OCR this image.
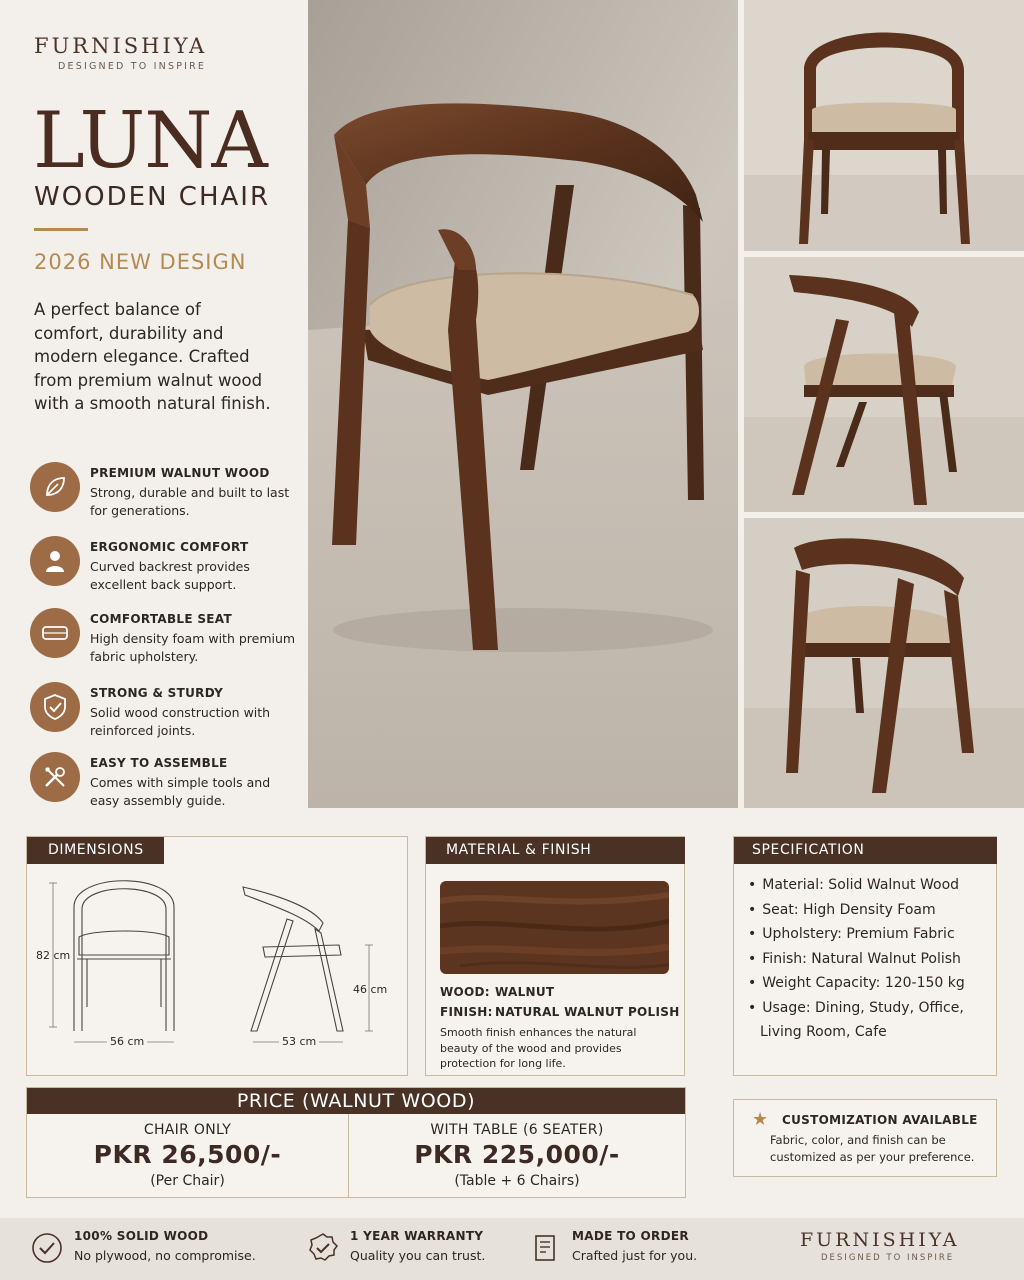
FURNISHIYA
DESIGNED TO INSPIRE
LUNA
WOODEN CHAIR
2026 NEW DESIGN
A perfect balance of comfort, durability and modern elegance. Crafted from premium walnut wood with a smooth natural finish.
PREMIUM WALNUT WOOD
Strong, durable and built to last for generations.
ERGONOMIC COMFORT
Curved backrest provides excellent back support.
COMFORTABLE SEAT
High density foam with premium fabric upholstery.
STRONG & STURDY
Solid wood construction with reinforced joints.
EASY TO ASSEMBLE
Comes with simple tools and easy assembly guide.
DIMENSIONS
82 cm
56 cm	53 cm
46 cm
MATERIAL & FINISH
WOOD: WALNUT
FINISH: NATURAL WALNUT POLISH
Smooth finish enhances the natural beauty of the wood and provides protection for long life.
SPECIFICATION
• Material: Solid Walnut Wood
• Seat: High Density Foam
• Upholstery: Premium Fabric
• Finish: Natural Walnut Polish
• Weight Capacity: 120-150 kg
• Usage: Dining, Study, Office, Living Room, Cafe
PRICE (WALNUT WOOD)
CHAIR ONLY
PKR 26,500/-
(Per Chair)
WITH TABLE (6 SEATER)
PKR 225,000/-
(Table + 6 Chairs)
★ CUSTOMIZATION AVAILABLE
Fabric, color, and finish can be customized as per your preference.
100% SOLID WOOD
No plywood, no compromise.
1 YEAR WARRANTY
Quality you can trust.
MADE TO ORDER
Crafted just for you.
FURNISHIYA
DESIGNED TO INSPIRE
